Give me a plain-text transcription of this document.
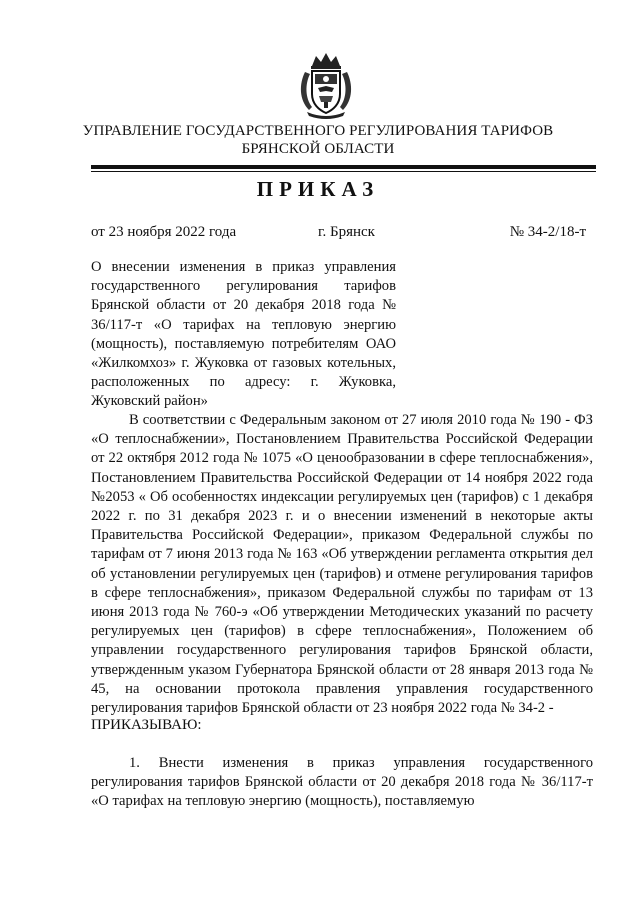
УПРАВЛЕНИЕ ГОСУДАРСТВЕННОГО РЕГУЛИРОВАНИЯ ТАРИФОВ
БРЯНСКОЙ ОБЛАСТИ
ПРИКАЗ
от 23 ноября 2022 года	г. Брянск	№ 34-2/18-т
О внесении изменения в приказ управления государственного регулирования тарифов Брянской области от 20 декабря 2018 года № 36/117-т «О тарифах на тепловую энергию (мощность), поставляемую потребителям ОАО «Жилкомхоз» г. Жуковка от газовых котельных, расположенных по адресу: г. Жуковка, Жуковский район»

В соответствии с Федеральным законом от 27 июля 2010 года № 190 - ФЗ «О теплоснабжении», Постановлением Правительства Российской Федерации от 22 октября 2012 года № 1075 «О ценообразовании в сфере теплоснабжения», Постановлением Правительства Российской Федерации от 14 ноября 2022 года №2053 « Об особенностях индексации регулируемых цен (тарифов) с 1 декабря 2022 г. по 31 декабря 2023 г. и о внесении изменений в некоторые акты Правительства Российской Федерации», приказом Федеральной службы по тарифам от 7 июня 2013 года № 163 «Об утверждении регламента открытия дел об установлении регулируемых цен (тарифов) и отмене регулирования тарифов в сфере теплоснабжения», приказом Федеральной службы по тарифам от 13 июня 2013 года № 760-э «Об утверждении Методических указаний по расчету регулируемых цен (тарифов) в сфере теплоснабжения», Положением об управлении государственного регулирования тарифов Брянской области, утвержденным указом Губернатора Брянской области от 28 января 2013 года № 45, на основании протокола правления управления государственного регулирования тарифов Брянской области от 23 ноября 2022 года № 34-2 -

ПРИКАЗЫВАЮ:

1. Внести изменения в приказ управления государственного регулирования тарифов Брянской области от 20 декабря 2018 года № 36/117-т «О тарифах на тепловую энергию (мощность), поставляемую
